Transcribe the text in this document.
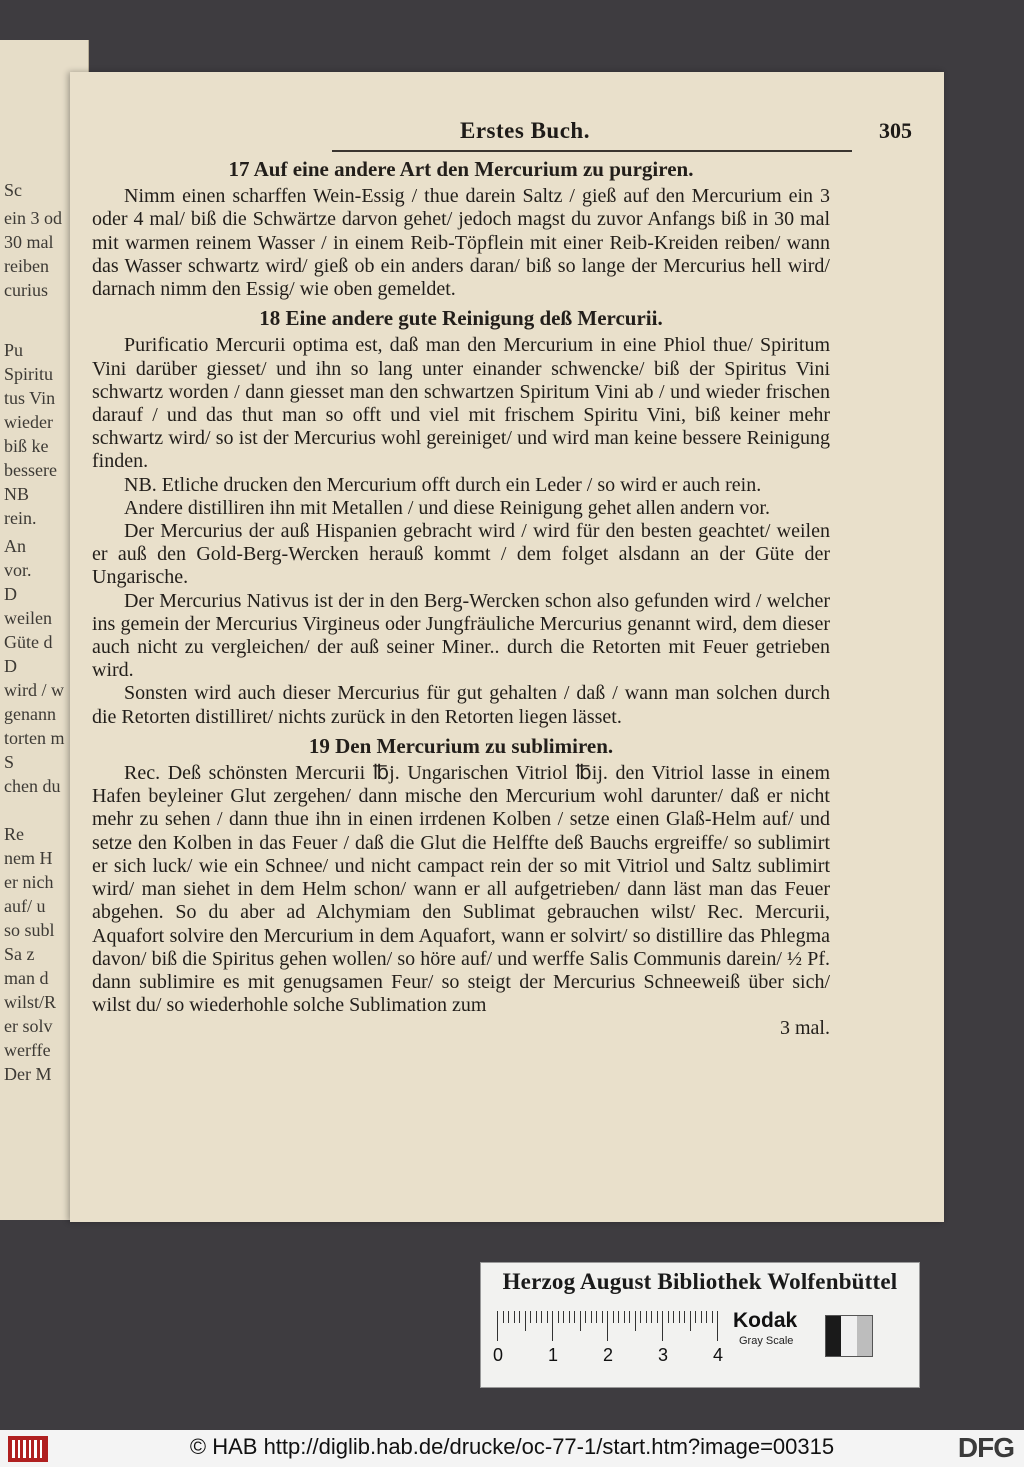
Sc
ein 3 od
30 mal
reiben
curius
Pu
Spiritu
tus Vin
wieder
biß ke
bessere
NB
rein.
An
vor.
D
weilen
Güte d
D
wird / w
genann
torten m
S
chen du
Re
nem H
er nich
auf/ u
so subl
Sa z
man d
wilst/R
er solv
werffe
Der M
Erstes Buch.	305
17 Auf eine andere Art den Mercurium zu purgiren.

Nimm einen scharffen Wein-Essig / thue darein Saltz / gieß auf den Mercurium ein 3 oder 4 mal/ biß die Schwärtze darvon gehet/ jedoch magst du zuvor Anfangs biß in 30 mal mit warmen reinem Wasser / in einem Reib-Töpflein mit einer Reib-Kreiden reiben/ wann das Wasser schwartz wird/ gieß ob ein anders daran/ biß so lange der Mercurius hell wird/ darnach nimm den Essig/ wie oben gemeldet.

18 Eine andere gute Reinigung deß Mercurii.

Purificatio Mercurii optima est, daß man den Mercurium in eine Phiol thue/ Spiritum Vini darüber giesset/ und ihn so lang unter einander schwencke/ biß der Spiritus Vini schwartz worden / dann giesset man den schwartzen Spiritum Vini ab / und wieder frischen darauf / und das thut man so offt und viel mit frischem Spiritu Vini, biß keiner mehr schwartz wird/ so ist der Mercurius wohl gereiniget/ und wird man keine bessere Reinigung finden.

NB. Etliche drucken den Mercurium offt durch ein Leder / so wird er auch rein.

Andere distilliren ihn mit Metallen / und diese Reinigung gehet allen andern vor.

Der Mercurius der auß Hispanien gebracht wird / wird für den besten geachtet/ weilen er auß den Gold-Berg-Wercken herauß kommt / dem folget alsdann an der Güte der Ungarische.

Der Mercurius Nativus ist der in den Berg-Wercken schon also gefunden wird / welcher ins gemein der Mercurius Virgineus oder Jungfräuliche Mercurius genannt wird, dem dieser auch nicht zu vergleichen/ der auß seiner Miner.. durch die Retorten mit Feuer getrieben wird.

Sonsten wird auch dieser Mercurius für gut gehalten / daß / wann man solchen durch die Retorten distilliret/ nichts zurück in den Retorten liegen lässet.

19 Den Mercurium zu sublimiren.

Rec. Deß schönsten Mercurii ℔j. Ungarischen Vitriol ℔ij. den Vitriol lasse in einem Hafen beyleiner Glut zergehen/ dann mische den Mercurium wohl darunter/ daß er nicht mehr zu sehen / dann thue ihn in einen irrdenen Kolben / setze einen Glaß-Helm auf/ und setze den Kolben in das Feuer / daß die Glut die Helffte deß Bauchs ergreiffe/ so sublimirt er sich luck/ wie ein Schnee/ und nicht campact rein der so mit Vitriol und Saltz sublimirt wird/ man siehet in dem Helm schon/ wann er all aufgetrieben/ dann läst man das Feuer abgehen. So du aber ad Alchymiam den Sublimat gebrauchen wilst/ Rec. Mercurii, Aquafort solvire den Mercurium in dem Aquafort, wann er solvirt/ so distillire das Phlegma davon/ biß die Spiritus gehen wollen/ so höre auf/ und werffe Salis Communis darein/ ½ Pf. dann sublimire es mit genugsamen Feur/ so steigt der Mercurius Schneeweiß über sich/ wilst du/ so wiederhohle solche Sublimation zum

3 mal.

Herzog August Bibliothek Wolfenbüttel
0 1 2 3 4
Kodak
Gray Scale
© HAB http://diglib.hab.de/drucke/oc-77-1/start.htm?image=00315	DFG
